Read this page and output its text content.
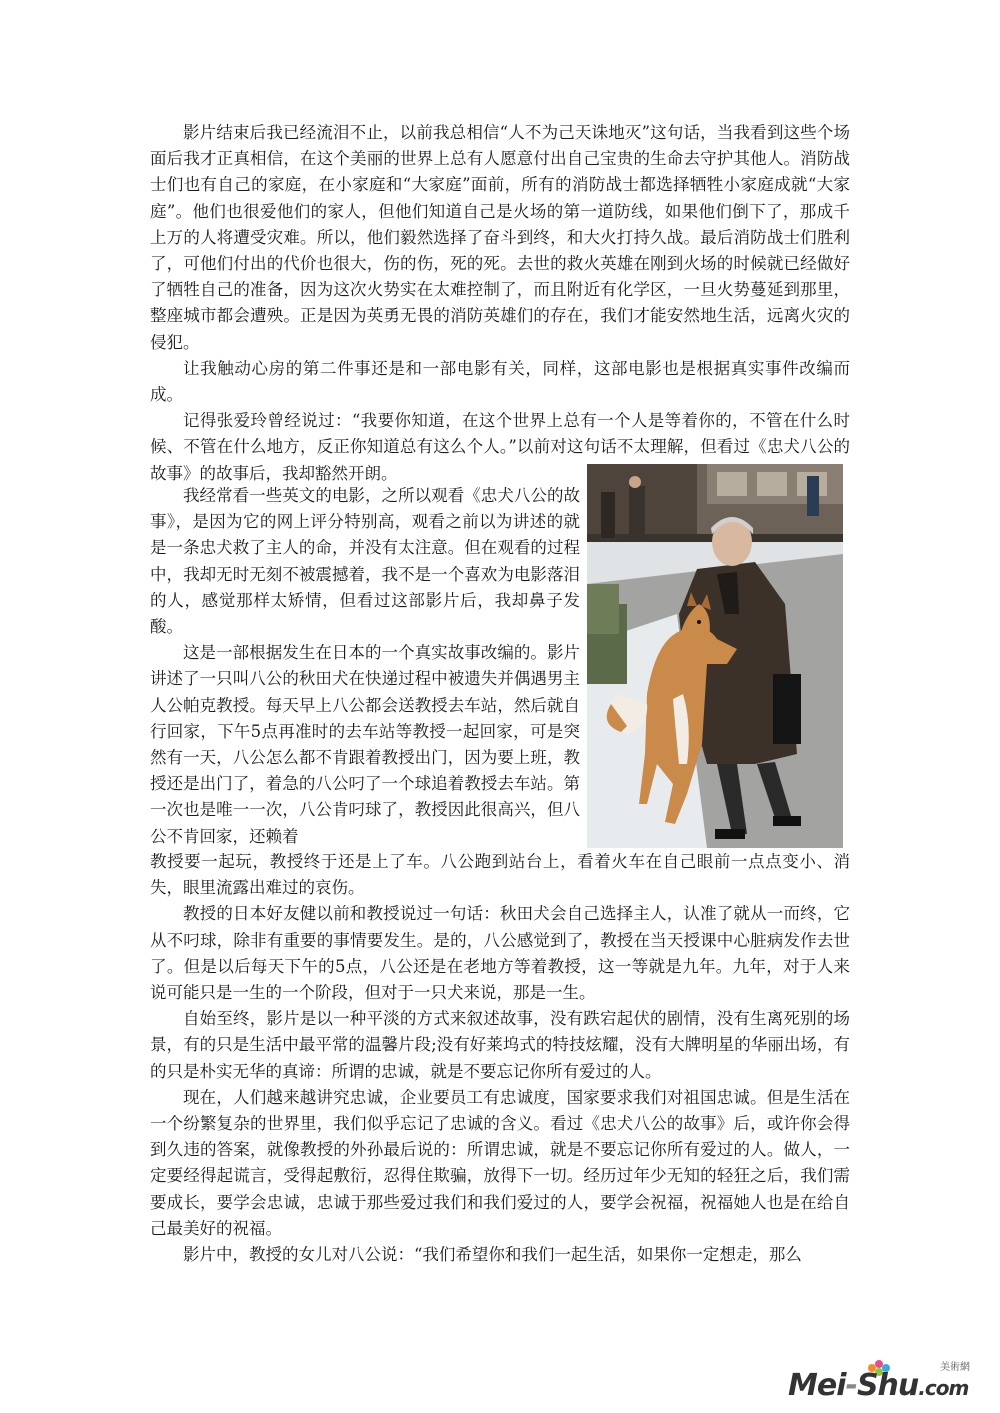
影片结束后我已经流泪不止，以前我总相信“人不为己天诛地灭”这句话，当我看到这些个场面后我才正真相信，在这个美丽的世界上总有人愿意付出自己宝贵的生命去守护其他人。消防战士们也有自己的家庭，在小家庭和“大家庭”面前，所有的消防战士都选择牺牲小家庭成就“大家庭”。他们也很爱他们的家人，但他们知道自己是火场的第一道防线，如果他们倒下了，那成千上万的人将遭受灾难。所以，他们毅然选择了奋斗到终，和大火打持久战。最后消防战士们胜利了，可他们付出的代价也很大，伤的伤，死的死。去世的救火英雄在刚到火场的时候就已经做好了牺牲自己的准备，因为这次火势实在太难控制了，而且附近有化学区，一旦火势蔓延到那里，整座城市都会遭殃。正是因为英勇无畏的消防英雄们的存在，我们才能安然地生活，远离火灾的侵犯。

让我触动心房的第二件事还是和一部电影有关，同样，这部电影也是根据真实事件改编而成。

记得张爱玲曾经说过：“我要你知道，在这个世界上总有一个人是等着你的，不管在什么时候、不管在什么地方，反正你知道总有这么个人。”以前对这句话不太理解，但看过《忠犬八公的故事》的故事后，我却豁然开朗。

我经常看一些英文的电影，之所以观看《忠犬八公的故事》，是因为它的网上评分特别高，观看之前以为讲述的就是一条忠犬救了主人的命，并没有太注意。但在观看的过程中，我却无时无刻不被震撼着，我不是一个喜欢为电影落泪的人，感觉那样太矫情，但看过这部影片后，我却鼻子发酸。

这是一部根据发生在日本的一个真实故事改编的。影片讲述了一只叫八公的秋田犬在快递过程中被遗失并偶遇男主人公帕克教授。每天早上八公都会送教授去车站，然后就自行回家，下午5点再准时的去车站等教授一起回家，可是突然有一天，八公怎么都不肯跟着教授出门，因为要上班，教授还是出门了，着急的八公叼了一个球追着教授去车站。第一次也是唯一一次，八公肯叼球了，教授因此很高兴，但八公不肯回家，还赖着

教授要一起玩，教授终于还是上了车。八公跑到站台上，看着火车在自己眼前一点点变小、消失，眼里流露出难过的哀伤。

教授的日本好友健以前和教授说过一句话：秋田犬会自己选择主人，认准了就从一而终，它从不叼球，除非有重要的事情要发生。是的，八公感觉到了，教授在当天授课中心脏病发作去世了。但是以后每天下午的5点，八公还是在老地方等着教授，这一等就是九年。九年，对于人来说可能只是一生的一个阶段，但对于一只犬来说，那是一生。

自始至终，影片是以一种平淡的方式来叙述故事，没有跌宕起伏的剧情，没有生离死别的场景，有的只是生活中最平常的温馨片段;没有好莱坞式的特技炫耀，没有大牌明星的华丽出场，有的只是朴实无华的真谛：所谓的忠诚，就是不要忘记你所有爱过的人。

现在，人们越来越讲究忠诚，企业要员工有忠诚度，国家要求我们对祖国忠诚。但是生活在一个纷繁复杂的世界里，我们似乎忘记了忠诚的含义。看过《忠犬八公的故事》后，或许你会得到久违的答案，就像教授的外孙最后说的：所谓忠诚，就是不要忘记你所有爱过的人。做人，一定要经得起谎言，受得起敷衍，忍得住欺骗，放得下一切。经历过年少无知的轻狂之后，我们需要成长，要学会忠诚，忠诚于那些爱过我们和我们爱过的人，要学会祝福，祝福她人也是在给自己最美好的祝福。

影片中，教授的女儿对八公说：“我们希望你和我们一起生活，如果你一定想走，那么

美術網
Mei-Shu.com
